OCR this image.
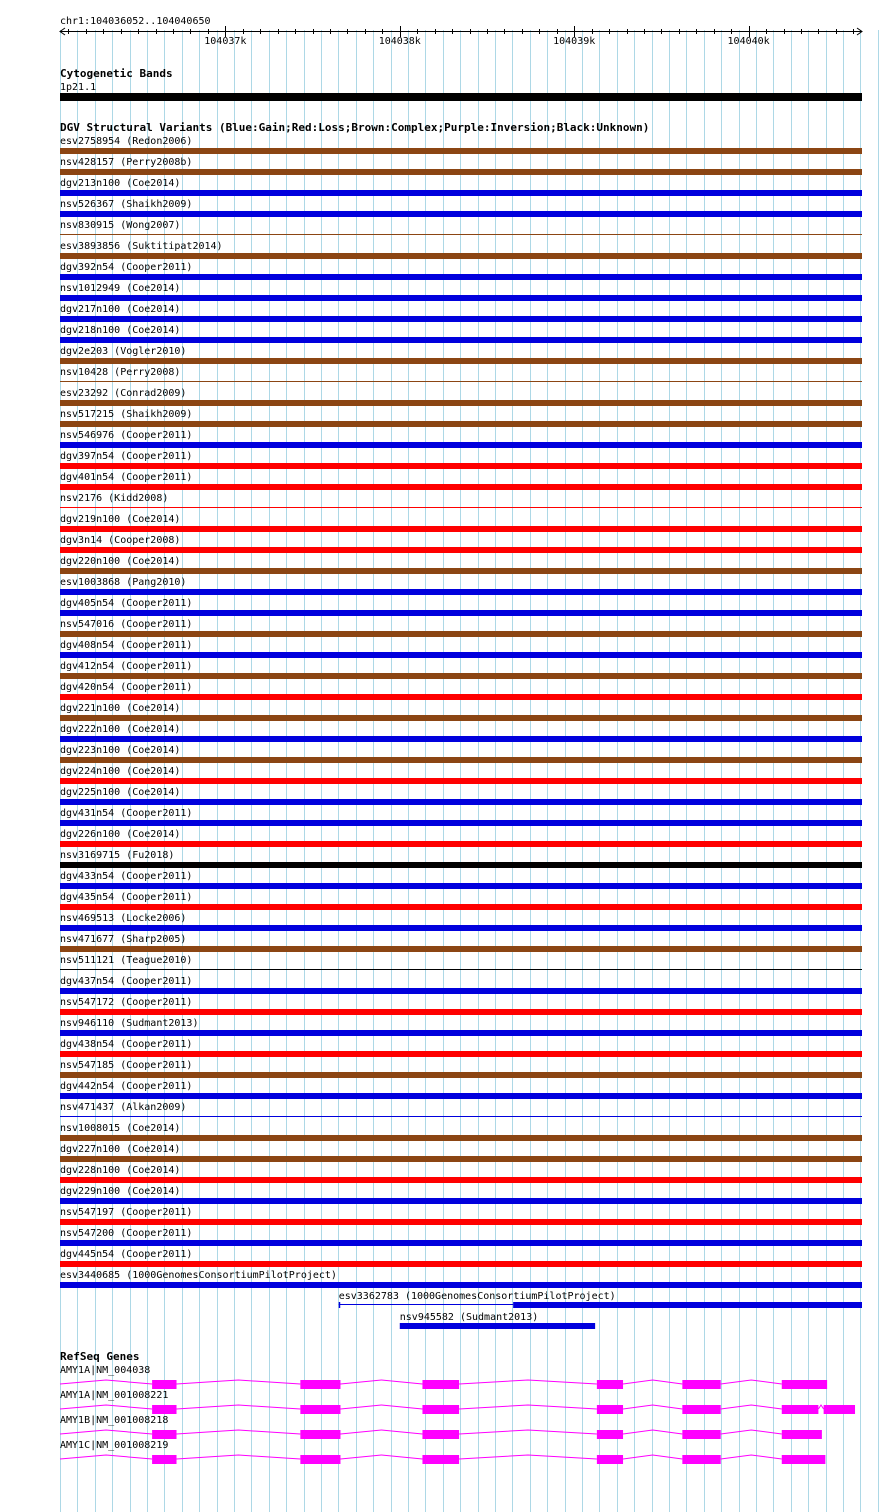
chr1:104036052..104040650
104037k	104038k	104039k	104040k
Cytogenetic Bands
1p21.1
DGV Structural Variants (Blue:Gain;Red:Loss;Brown:Complex;Purple:Inversion;Black:Unknown)
esv2758954 (Redon2006)
nsv428157 (Perry2008b)
dgv213n100 (Coe2014)
nsv526367 (Shaikh2009)
nsv830915 (Wong2007)
esv3893856 (Suktitipat2014)
dgv392n54 (Cooper2011)
nsv1012949 (Coe2014)
dgv217n100 (Coe2014)
dgv218n100 (Coe2014)
dgv2e203 (Vogler2010)
nsv10428 (Perry2008)
esv23292 (Conrad2009)
nsv517215 (Shaikh2009)
nsv546976 (Cooper2011)
dgv397n54 (Cooper2011)
dgv401n54 (Cooper2011)
nsv2176 (Kidd2008)
dgv219n100 (Coe2014)
dgv3n14 (Cooper2008)
dgv220n100 (Coe2014)
esv1003868 (Pang2010)
dgv405n54 (Cooper2011)
nsv547016 (Cooper2011)
dgv408n54 (Cooper2011)
dgv412n54 (Cooper2011)
dgv420n54 (Cooper2011)
dgv221n100 (Coe2014)
dgv222n100 (Coe2014)
dgv223n100 (Coe2014)
dgv224n100 (Coe2014)
dgv225n100 (Coe2014)
dgv431n54 (Cooper2011)
dgv226n100 (Coe2014)
nsv3169715 (Fu2018)
dgv433n54 (Cooper2011)
dgv435n54 (Cooper2011)
nsv469513 (Locke2006)
nsv471677 (Sharp2005)
nsv511121 (Teague2010)
dgv437n54 (Cooper2011)
nsv547172 (Cooper2011)
nsv946110 (Sudmant2013)
dgv438n54 (Cooper2011)
nsv547185 (Cooper2011)
dgv442n54 (Cooper2011)
nsv471437 (Alkan2009)
nsv1008015 (Coe2014)
dgv227n100 (Coe2014)
dgv228n100 (Coe2014)
dgv229n100 (Coe2014)
nsv547197 (Cooper2011)
nsv547200 (Cooper2011)
dgv445n54 (Cooper2011)
esv3440685 (1000GenomesConsortiumPilotProject)
esv3362783 (1000GenomesConsortiumPilotProject)
nsv945582 (Sudmant2013)
RefSeq Genes
AMY1A|NM_004038
AMY1A|NM_001008221
AMY1B|NM_001008218
AMY1C|NM_001008219
